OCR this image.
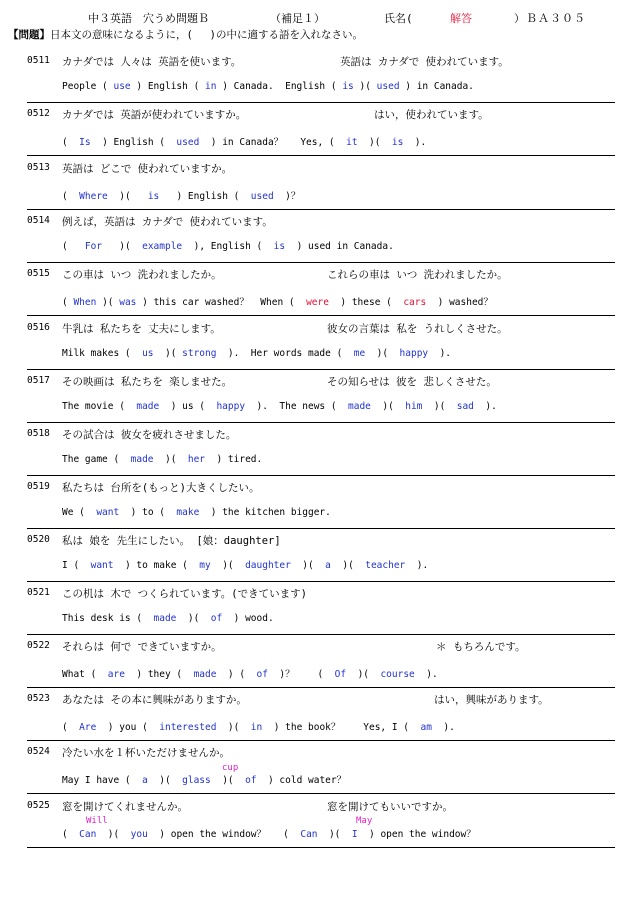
中３英語　穴うめ問題Ｂ	（補足１）	氏名(	解答	）ＢＡ３０５
【問題】日本文の意味になるように，(　 )の中に適する語を入れなさい。
0511 カナダでは 人々は 英語を使います。	英語は カナダで 使われています。
People ( use ) English ( in ) Canada.  English ( is )( used ) in Canada.
0512 カナダでは 英語が使われていますか。	はい，使われています。
(  Is  ) English (  used  ) in Canada？   Yes, (  it  )(  is  ).
0513 英語は どこで 使われていますか。
(  Where  )(   is   ) English (  used  )？
0514 例えば，英語は カナダで 使われています。
(   For   )(  example  ), English (  is  ) used in Canada.
0515 この車は いつ 洗われましたか。	これらの車は いつ 洗われましたか。
( When )( was ) this car washed？  When (  were  ) these (  cars  ) washed？
0516 牛乳は 私たちを 丈夫にします。	彼女の言葉は 私を うれしくさせた。
Milk makes (  us  )( strong  ).  Her words made (  me  )(  happy  ).
0517 その映画は 私たちを 楽しませた。	その知らせは 彼を 悲しくさせた。
The movie (  made  ) us (  happy  ).  The news (  made  )(  him  )(  sad  ).
0518 その試合は 彼女を疲れさせました。
The game (  made  )(  her  ) tired.
0519 私たちは 台所を(もっと)大きくしたい。
We (  want  ) to (  make  ) the kitchen bigger.
0520 私は 娘を 先生にしたい。 [娘：daughter]
I (  want  ) to make (  my  )(  daughter  )(  a  )(  teacher  ).
0521 この机は 木で つくられています。(できています)
This desk is (  made  )(  of  ) wood.
0522 それらは 何で できていますか。	＊ もちろんです。
What (  are  ) they (  made  ) (  of  )？    (  Of  )(  course  ).
0523 あなたは その本に興味がありますか。	はい，興味があります。
(  Are  ) you (  interested  )(  in  ) the book？    Yes, I (  am  ).
0524 冷たい水を１杯いただけませんか。
May I have (  a  )(  glass  )(  of  ) cold water？
cup
0525 窓を開けてくれませんか。	窓を開けてもいいですか。
(  Can  )(  you  ) open the window？   (  Can  )(  I  ) open the window？
Will	May
